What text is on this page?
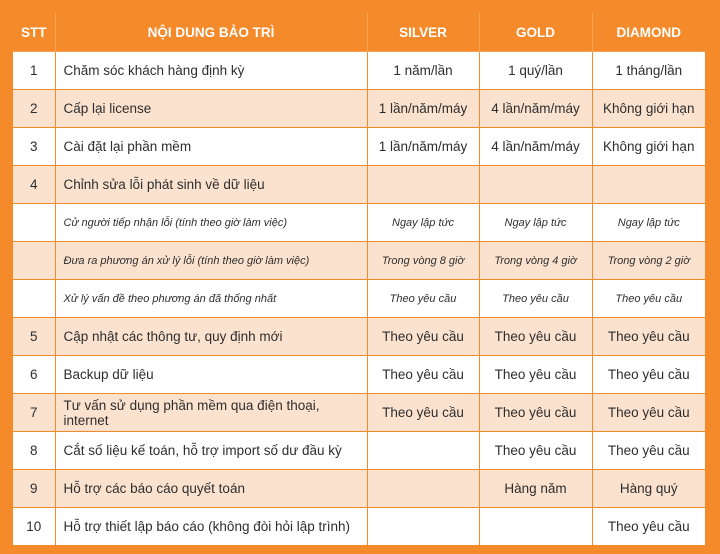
STT	NỘI DUNG BẢO TRÌ	SILVER	GOLD	DIAMOND
1	Chăm sóc khách hàng định kỳ	1 năm/lần	1 quý/lần	1 tháng/lần
2	Cấp lại license	1 lần/năm/máy	4 lần/năm/máy	Không giới hạn
3	Cài đặt lại phần mềm	1 lần/năm/máy	4 lần/năm/máy	Không giới hạn
4	Chỉnh sửa lỗi phát sinh về dữ liệu			
	Cử người tiếp nhận lỗi (tính theo giờ làm việc)	Ngay lập tức	Ngay lập tức	Ngay lập tức
	Đưa ra phương án xử lý lỗi (tính theo giờ làm việc)	Trong vòng 8 giờ	Trong vòng 4 giờ	Trong vòng 2 giờ
	Xử lý vấn đề theo phương án đã thống nhất	Theo yêu cầu	Theo yêu cầu	Theo yêu cầu
5	Cập nhật các thông tư, quy định mới	Theo yêu cầu	Theo yêu cầu	Theo yêu cầu
6	Backup dữ liệu	Theo yêu cầu	Theo yêu cầu	Theo yêu cầu
7	Tư vấn sử dụng phần mềm qua điện thoại, internet	Theo yêu cầu	Theo yêu cầu	Theo yêu cầu
8	Cắt số liệu kế toán, hỗ trợ import số dư đầu kỳ		Theo yêu cầu	Theo yêu cầu
9	Hỗ trợ các báo cáo quyết toán		Hàng năm	Hàng quý
10	Hỗ trợ thiết lập báo cáo (không đòi hỏi lập trình)			Theo yêu cầu
